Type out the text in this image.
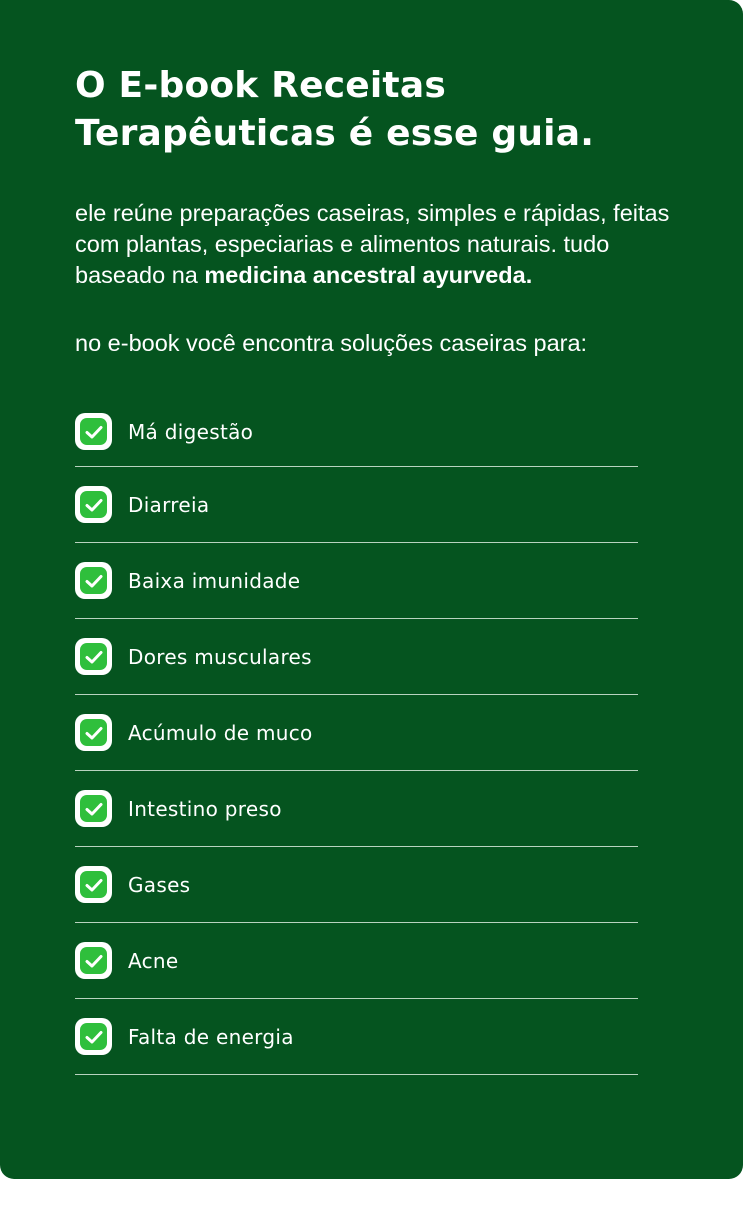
O E-book Receitas Terapêuticas é esse guia.

ele reúne preparações caseiras, simples e rápidas, feitas com plantas, especiarias e alimentos naturais. tudo baseado na medicina ancestral ayurveda.

no e-book você encontra soluções caseiras para:

Má digestão
Diarreia
Baixa imunidade
Dores musculares
Acúmulo de muco
Intestino preso
Gases
Acne
Falta de energia
